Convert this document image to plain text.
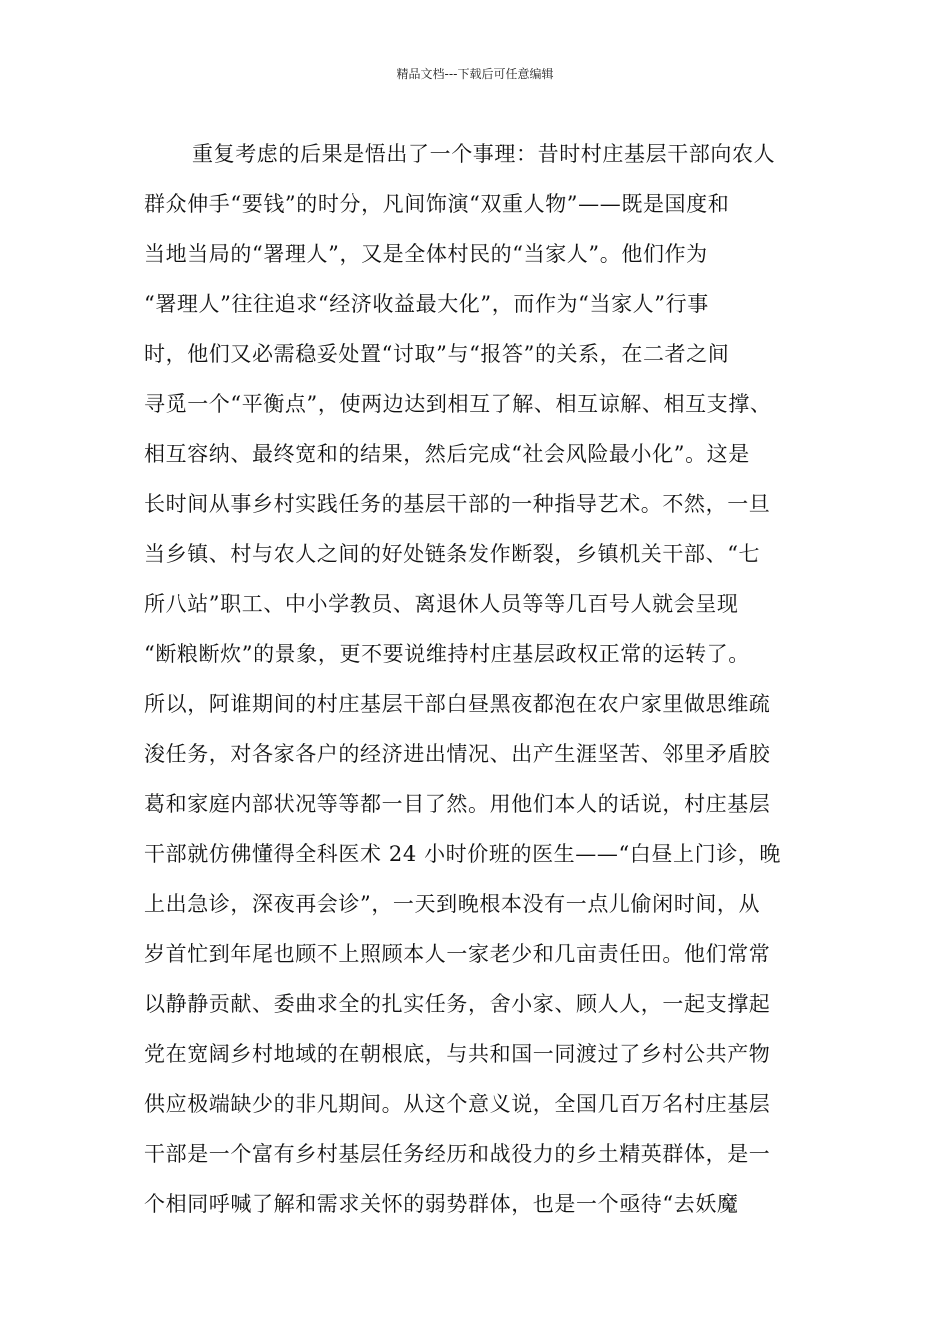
精品文档---下载后可任意编辑
重复考虑的后果是悟出了一个事理：昔时村庄基层干部向农人
群众伸手“要钱”的时分，凡间饰演“双重人物”——既是国度和
当地当局的“署理人”，又是全体村民的“当家人”。他们作为
“署理人”往往追求“经济收益最大化”，而作为“当家人”行事
时，他们又必需稳妥处置“讨取”与“报答”的关系，在二者之间
寻觅一个“平衡点”，使两边达到相互了解、相互谅解、相互支撑、
相互容纳、最终宽和的结果，然后完成“社会风险最小化”。这是
长时间从事乡村实践任务的基层干部的一种指导艺术。不然，一旦
当乡镇、村与农人之间的好处链条发作断裂，乡镇机关干部、“七
所八站”职工、中小学教员、离退休人员等等几百号人就会呈现
“断粮断炊”的景象，更不要说维持村庄基层政权正常的运转了。
所以，阿谁期间的村庄基层干部白昼黑夜都泡在农户家里做思维疏
浚任务，对各家各户的经济进出情况、出产生涯坚苦、邻里矛盾胶
葛和家庭内部状况等等都一目了然。用他们本人的话说，村庄基层
干部就仿佛懂得全科医术 24 小时价班的医生——“白昼上门诊，晚
上出急诊，深夜再会诊”，一天到晚根本没有一点儿偷闲时间，从
岁首忙到年尾也顾不上照顾本人一家老少和几亩责任田。他们常常
以静静贡献、委曲求全的扎实任务，舍小家、顾人人，一起支撑起
党在宽阔乡村地域的在朝根底，与共和国一同渡过了乡村公共产物
供应极端缺少的非凡期间。从这个意义说，全国几百万名村庄基层
干部是一个富有乡村基层任务经历和战役力的乡土精英群体，是一
个相同呼喊了解和需求关怀的弱势群体，也是一个亟待“去妖魔
